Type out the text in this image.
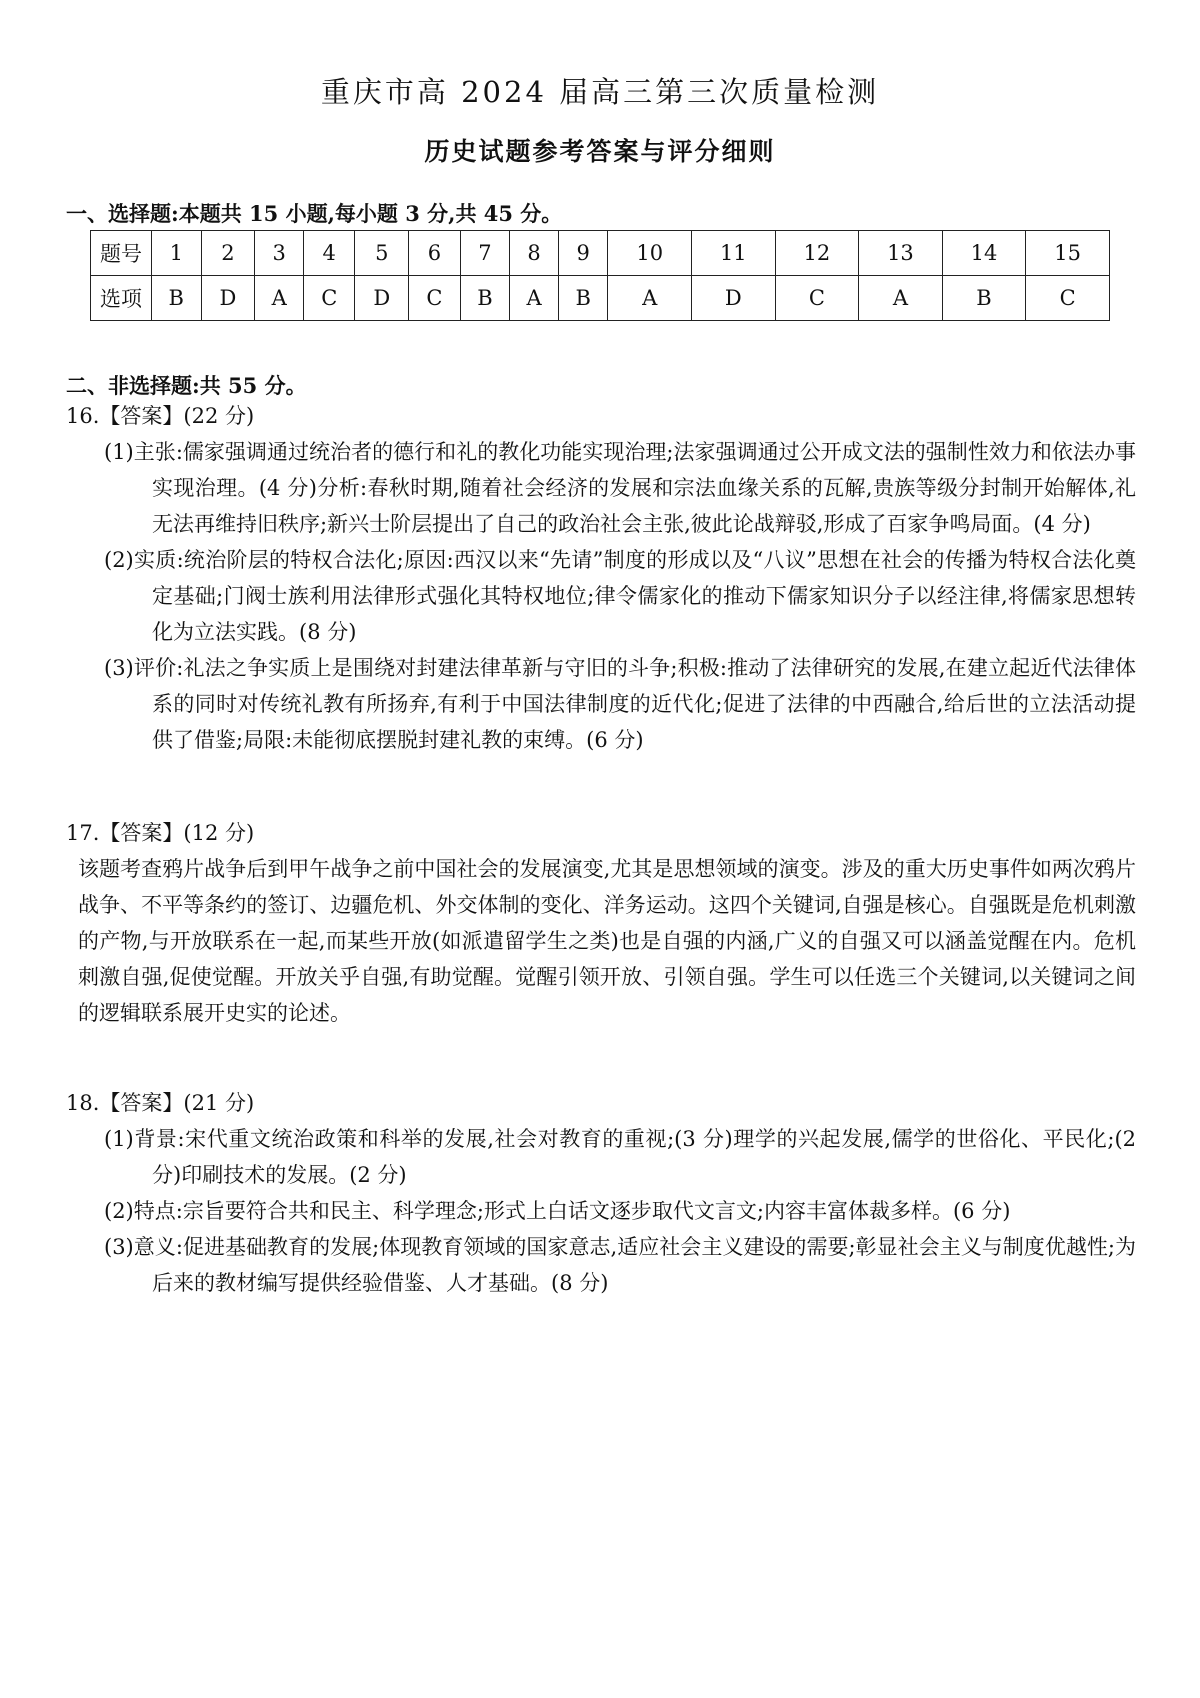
重庆市高 2024 届高三第三次质量检测
历史试题参考答案与评分细则
一、选择题:本题共 15 小题,每小题 3 分,共 45 分。
题号	1	2	3	4	5	6	7	8	9	10	11	12	13	14	15
选项	B	D	A	C	D	C	B	A	B	A	D	C	A	B	C
二、非选择题:共 55 分。
16.【答案】(22 分)
(1)主张:儒家强调通过统治者的德行和礼的教化功能实现治理;法家强调通过公开成文法的强制性效力和依法办事实现治理。(4 分)分析:春秋时期,随着社会经济的发展和宗法血缘关系的瓦解,贵族等级分封制开始解体,礼无法再维持旧秩序;新兴士阶层提出了自己的政治社会主张,彼此论战辩驳,形成了百家争鸣局面。(4 分)
(2)实质:统治阶层的特权合法化;原因:西汉以来“先请”制度的形成以及“八议”思想在社会的传播为特权合法化奠定基础;门阀士族利用法律形式强化其特权地位;律令儒家化的推动下儒家知识分子以经注律,将儒家思想转化为立法实践。(8 分)
(3)评价:礼法之争实质上是围绕对封建法律革新与守旧的斗争;积极:推动了法律研究的发展,在建立起近代法律体系的同时对传统礼教有所扬弃,有利于中国法律制度的近代化;促进了法律的中西融合,给后世的立法活动提供了借鉴;局限:未能彻底摆脱封建礼教的束缚。(6 分)
17.【答案】(12 分)
该题考查鸦片战争后到甲午战争之前中国社会的发展演变,尤其是思想领域的演变。涉及的重大历史事件如两次鸦片战争、不平等条约的签订、边疆危机、外交体制的变化、洋务运动。这四个关键词,自强是核心。自强既是危机刺激的产物,与开放联系在一起,而某些开放(如派遣留学生之类)也是自强的内涵,广义的自强又可以涵盖觉醒在内。危机刺激自强,促使觉醒。开放关乎自强,有助觉醒。觉醒引领开放、引领自强。学生可以任选三个关键词,以关键词之间的逻辑联系展开史实的论述。
18.【答案】(21 分)
(1)背景:宋代重文统治政策和科举的发展,社会对教育的重视;(3 分)理学的兴起发展,儒学的世俗化、平民化;(2 分)印刷技术的发展。(2 分)
(2)特点:宗旨要符合共和民主、科学理念;形式上白话文逐步取代文言文;内容丰富体裁多样。(6 分)
(3)意义:促进基础教育的发展;体现教育领域的国家意志,适应社会主义建设的需要;彰显社会主义与制度优越性;为后来的教材编写提供经验借鉴、人才基础。(8 分)
